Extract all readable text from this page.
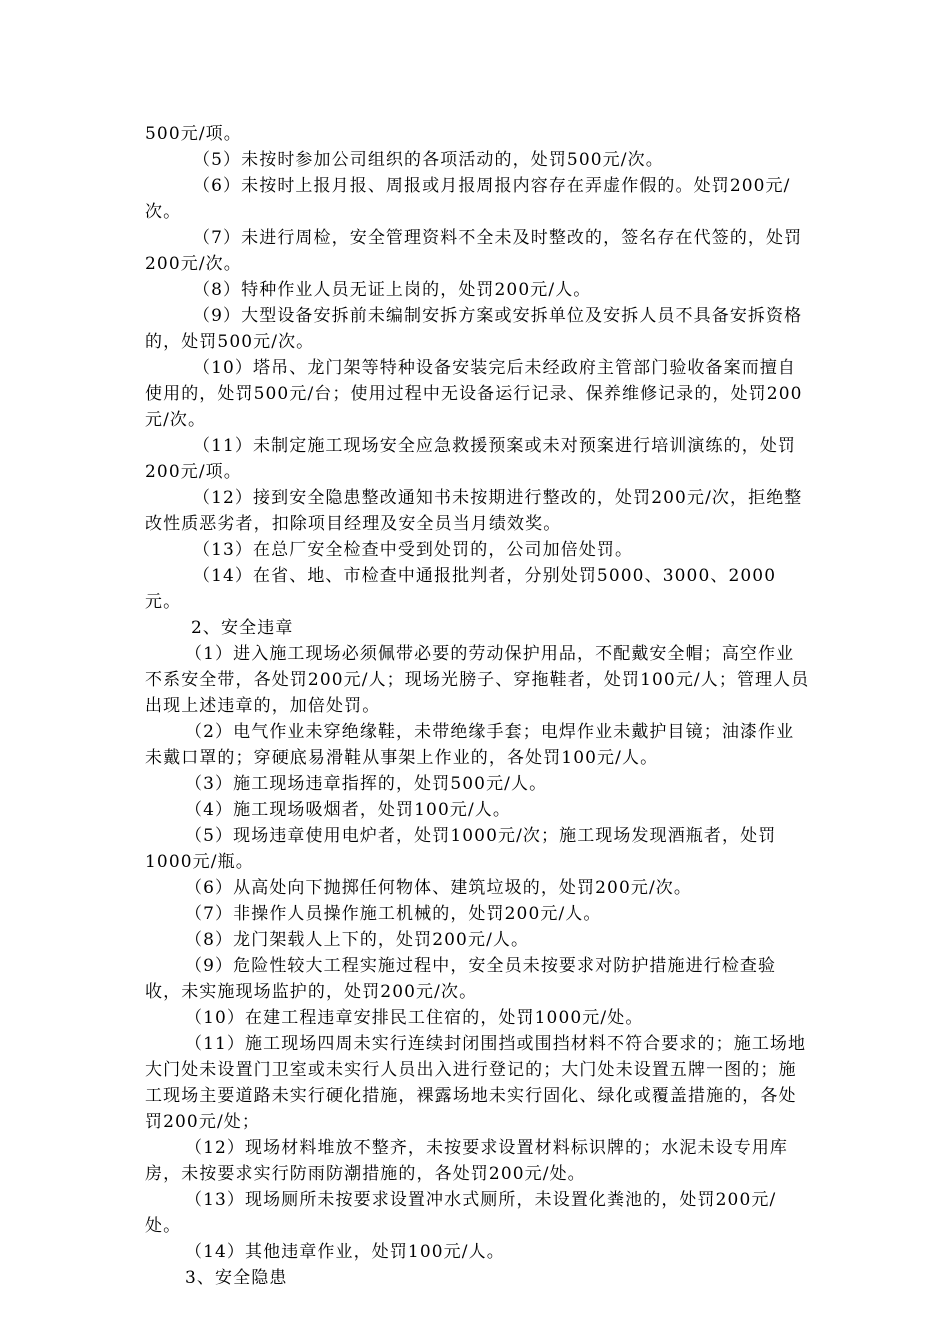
500元/项。

（5）未按时参加公司组织的各项活动的，处罚500元/次。

（6）未按时上报月报、周报或月报周报内容存在弄虚作假的。处罚200元/次。

（7）未进行周检，安全管理资料不全未及时整改的，签名存在代签的，处罚200元/次。

（8）特种作业人员无证上岗的，处罚200元/人。

（9）大型设备安拆前未编制安拆方案或安拆单位及安拆人员不具备安拆资格的，处罚500元/次。

（10）塔吊、龙门架等特种设备安装完后未经政府主管部门验收备案而擅自使用的，处罚500元/台；使用过程中无设备运行记录、保养维修记录的，处罚200元/次。

（11）未制定施工现场安全应急救援预案或未对预案进行培训演练的，处罚200元/项。

（12）接到安全隐患整改通知书未按期进行整改的，处罚200元/次，拒绝整改性质恶劣者，扣除项目经理及安全员当月绩效奖。

（13）在总厂安全检查中受到处罚的，公司加倍处罚。

（14）在省、地、市检查中通报批判者，分别处罚5000、3000、2000元。

2、安全违章

（1）进入施工现场必须佩带必要的劳动保护用品，不配戴安全帽；高空作业不系安全带，各处罚200元/人；现场光膀子、穿拖鞋者，处罚100元/人；管理人员出现上述违章的，加倍处罚。

（2）电气作业未穿绝缘鞋，未带绝缘手套；电焊作业未戴护目镜；油漆作业未戴口罩的；穿硬底易滑鞋从事架上作业的，各处罚100元/人。

（3）施工现场违章指挥的，处罚500元/人。

（4）施工现场吸烟者，处罚100元/人。

（5）现场违章使用电炉者，处罚1000元/次；施工现场发现酒瓶者，处罚1000元/瓶。

（6）从高处向下抛掷任何物体、建筑垃圾的，处罚200元/次。

（7）非操作人员操作施工机械的，处罚200元/人。

（8）龙门架载人上下的，处罚200元/人。

（9）危险性较大工程实施过程中，安全员未按要求对防护措施进行检查验收，未实施现场监护的，处罚200元/次。

（10）在建工程违章安排民工住宿的，处罚1000元/处。

（11）施工现场四周未实行连续封闭围挡或围挡材料不符合要求的；施工场地大门处未设置门卫室或未实行人员出入进行登记的；大门处未设置五牌一图的；施工现场主要道路未实行硬化措施，裸露场地未实行固化、绿化或覆盖措施的，各处罚200元/处；

（12）现场材料堆放不整齐，未按要求设置材料标识牌的；水泥未设专用库房，未按要求实行防雨防潮措施的，各处罚200元/处。

（13）现场厕所未按要求设置冲水式厕所，未设置化粪池的，处罚200元/处。

（14）其他违章作业，处罚100元/人。

3、安全隐患
